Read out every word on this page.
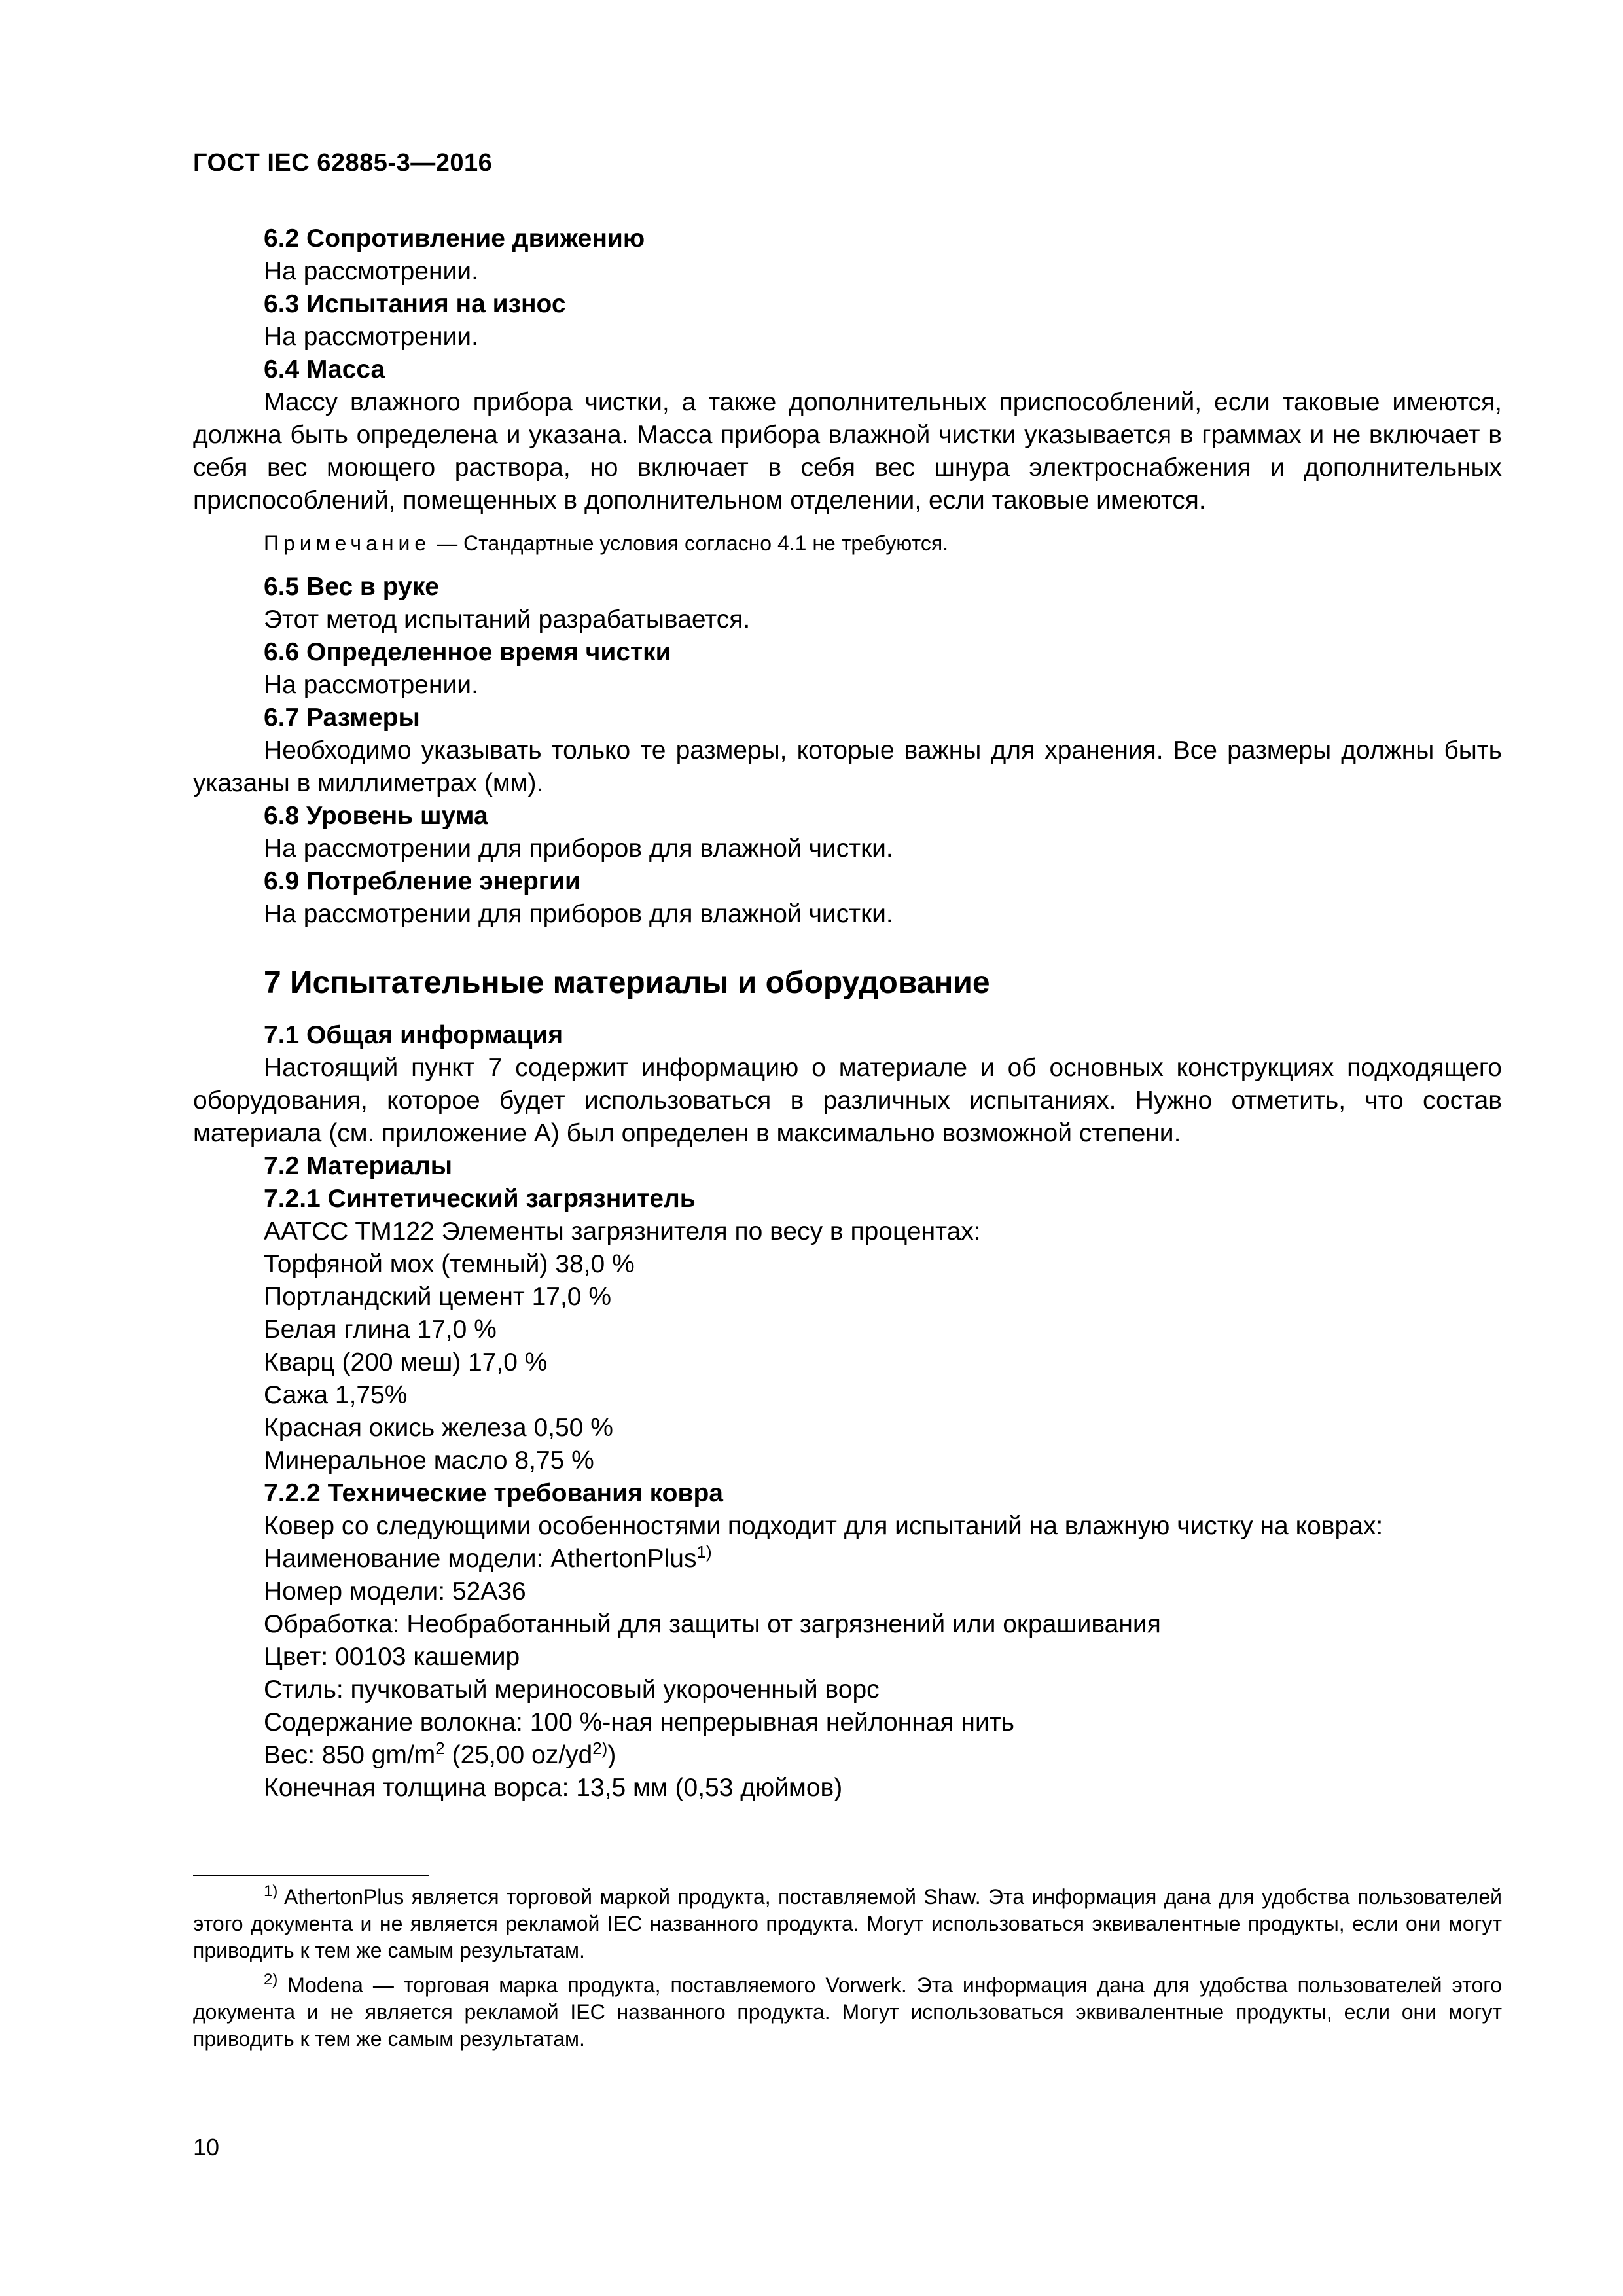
ГОСТ IEC 62885-3—2016
6.2 Сопротивление движению
На рассмотрении.
6.3 Испытания на износ
На рассмотрении.
6.4 Масса
Массу влажного прибора чистки, а также дополнительных приспособлений, если таковые имеются, должна быть определена и указана. Масса прибора влажной чистки указывается в граммах и не включает в себя вес моющего раствора, но включает в себя вес шнура электроснабжения и дополнительных приспособлений, помещенных в дополнительном отделении, если таковые имеются.
Примечание — Стандартные условия согласно 4.1 не требуются.
6.5 Вес в руке
Этот метод испытаний разрабатывается.
6.6 Определенное время чистки
На рассмотрении.
6.7 Размеры
Необходимо указывать только те размеры, которые важны для хранения. Все размеры должны быть указаны в миллиметрах (мм).
6.8 Уровень шума
На рассмотрении для приборов для влажной чистки.
6.9 Потребление энергии
На рассмотрении для приборов для влажной чистки.
7 Испытательные материалы и оборудование
7.1 Общая информация
Настоящий пункт 7 содержит информацию о материале и об основных конструкциях подходящего оборудования, которое будет использоваться в различных испытаниях. Нужно отметить, что состав материала (см. приложение А) был определен в максимально возможной степени.
7.2 Материалы
7.2.1 Синтетический загрязнитель
AATCC TM122 Элементы загрязнителя по весу в процентах:
Торфяной мох (темный) 38,0 %
Портландский цемент 17,0 %
Белая глина 17,0 %
Кварц (200 меш) 17,0 %
Сажа 1,75%
Красная окись железа 0,50 %
Минеральное масло 8,75 %
7.2.2 Технические требования ковра
Ковер со следующими особенностями подходит для испытаний на влажную чистку на коврах:
Наименование модели: AthertonPlus$^{1)}$
Номер модели: 52А36
Обработка: Необработанный для защиты от загрязнений или окрашивания
Цвет: 00103 кашемир
Стиль: пучковатый мериносовый укороченный ворс
Содержание волокна: 100 %-ная непрерывная нейлонная нить
Вес: 850 $gm/m^2$ (25,00 $oz/yd^{2)}$)
Конечная толщина ворса: 13,5 мм (0,53 дюймов)
$^{1)}$ AthertonPlus является торговой маркой продукта, поставляемой Shaw. Эта информация дана для удобства пользователей этого документа и не является рекламой IEC названного продукта. Могут использоваться эквивалентные продукты, если они могут приводить к тем же самым результатам.
$^{2)}$ Modena — торговая марка продукта, поставляемого Vorwerk. Эта информация дана для удобства пользователей этого документа и не является рекламой IEC названного продукта. Могут использоваться эквивалентные продукты, если они могут приводить к тем же самым результатам.
10
